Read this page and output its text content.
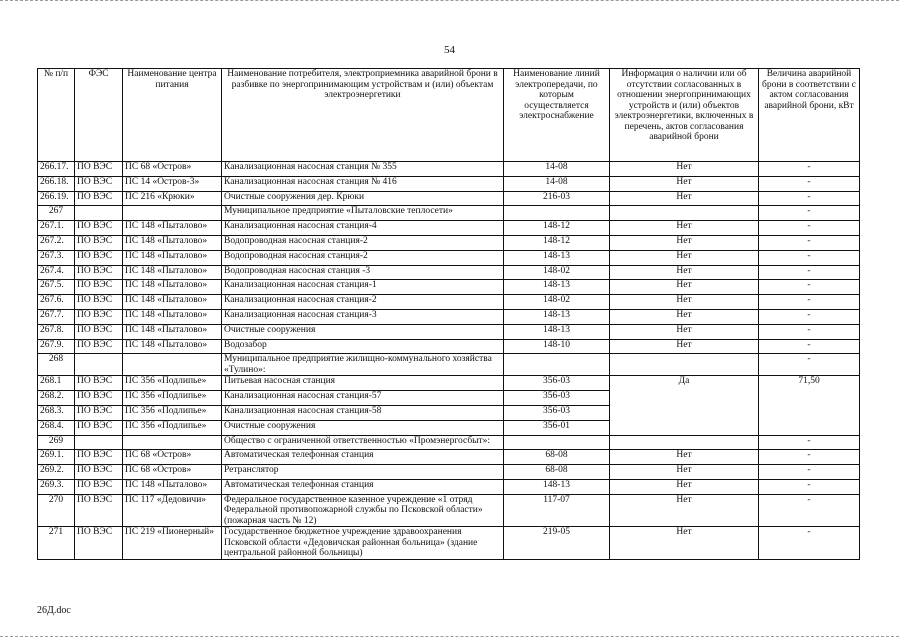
54
№ п/п	ФЭС	Наименование центра питания	Наименование потребителя, электроприемника аварийной брони в разбивке по энергопринимающим устройствам и (или) объектам электроэнергетики	Наименование линий электропередачи, по которым осуществляется электроснабжение	Информация о наличии или об отсутствии согласованных в отношении энергопринимающих устройств и (или) объектов электроэнергетики, включенных в перечень, актов согласования аварийной брони	Величина аварийной брони в соответствии с актом согласования аварийной брони, кВт
266.17.	ПО ВЭС	ПС 68 «Остров»	Канализационная насосная станция № 355	14-08	Нет	-
266.18.	ПО ВЭС	ПС 14 «Остров-3»	Канализационная насосная станция № 416	14-08	Нет	-
266.19.	ПО ВЭС	ПС 216 «Крюки»	Очистные сооружения дер. Крюки	216-03	Нет	-
267			Муниципальное предприятие «Пыталовские теплосети»			-
267.1.	ПО ВЭС	ПС 148 «Пыталово»	Канализационная насосная станция-4	148-12	Нет	-
267.2.	ПО ВЭС	ПС 148 «Пыталово»	Водопроводная насосная станция-2	148-12	Нет	-
267.3.	ПО ВЭС	ПС 148 «Пыталово»	Водопроводная насосная станция-2	148-13	Нет	-
267.4.	ПО ВЭС	ПС 148 «Пыталово»	Водопроводная насосная станция -3	148-02	Нет	-
267.5.	ПО ВЭС	ПС 148 «Пыталово»	Канализационная насосная станция-1	148-13	Нет	-
267.6.	ПО ВЭС	ПС 148 «Пыталово»	Канализационная насосная станция-2	148-02	Нет	-
267.7.	ПО ВЭС	ПС 148 «Пыталово»	Канализационная насосная станция-3	148-13	Нет	-
267.8.	ПО ВЭС	ПС 148 «Пыталово»	Очистные сооружения	148-13	Нет	-
267.9.	ПО ВЭС	ПС 148 «Пыталово»	Водозабор	148-10	Нет	-
268			Муниципальное предприятие жилищно-коммунального хозяйства «Тулино»:			-
268.1	ПО ВЭС	ПС 356 «Подлипье»	Питьевая насосная станция	356-03	Да	71,50
268.2.	ПО ВЭС	ПС 356 «Подлипье»	Канализационная насосная станция-57	356-03		
268.3.	ПО ВЭС	ПС 356 «Подлипье»	Канализационная насосная станция-58	356-03		
268.4.	ПО ВЭС	ПС 356 «Подлипье»	Очистные сооружения	356-01		
269			Общество с ограниченной ответственностью «Промэнергосбыт»:			-
269.1.	ПО ВЭС	ПС 68 «Остров»	Автоматическая телефонная станция	68-08	Нет	-
269.2.	ПО ВЭС	ПС 68 «Остров»	Ретранслятор	68-08	Нет	-
269.3.	ПО ВЭС	ПС 148 «Пыталово»	Автоматическая телефонная станция	148-13	Нет	-
270	ПО ВЭС	ПС 117 «Дедовичи»	Федеральное государственное казенное учреждение «1 отряд Федеральной противопожарной службы по Псковской области» (пожарная часть № 12)	117-07	Нет	-
271	ПО ВЭС	ПС 219 «Пионерный»	Государственное бюджетное учреждение здравоохранения Псковской области «Дедовичская районная больница» (здание центральной районной больницы)	219-05	Нет	-
26Д.doc
